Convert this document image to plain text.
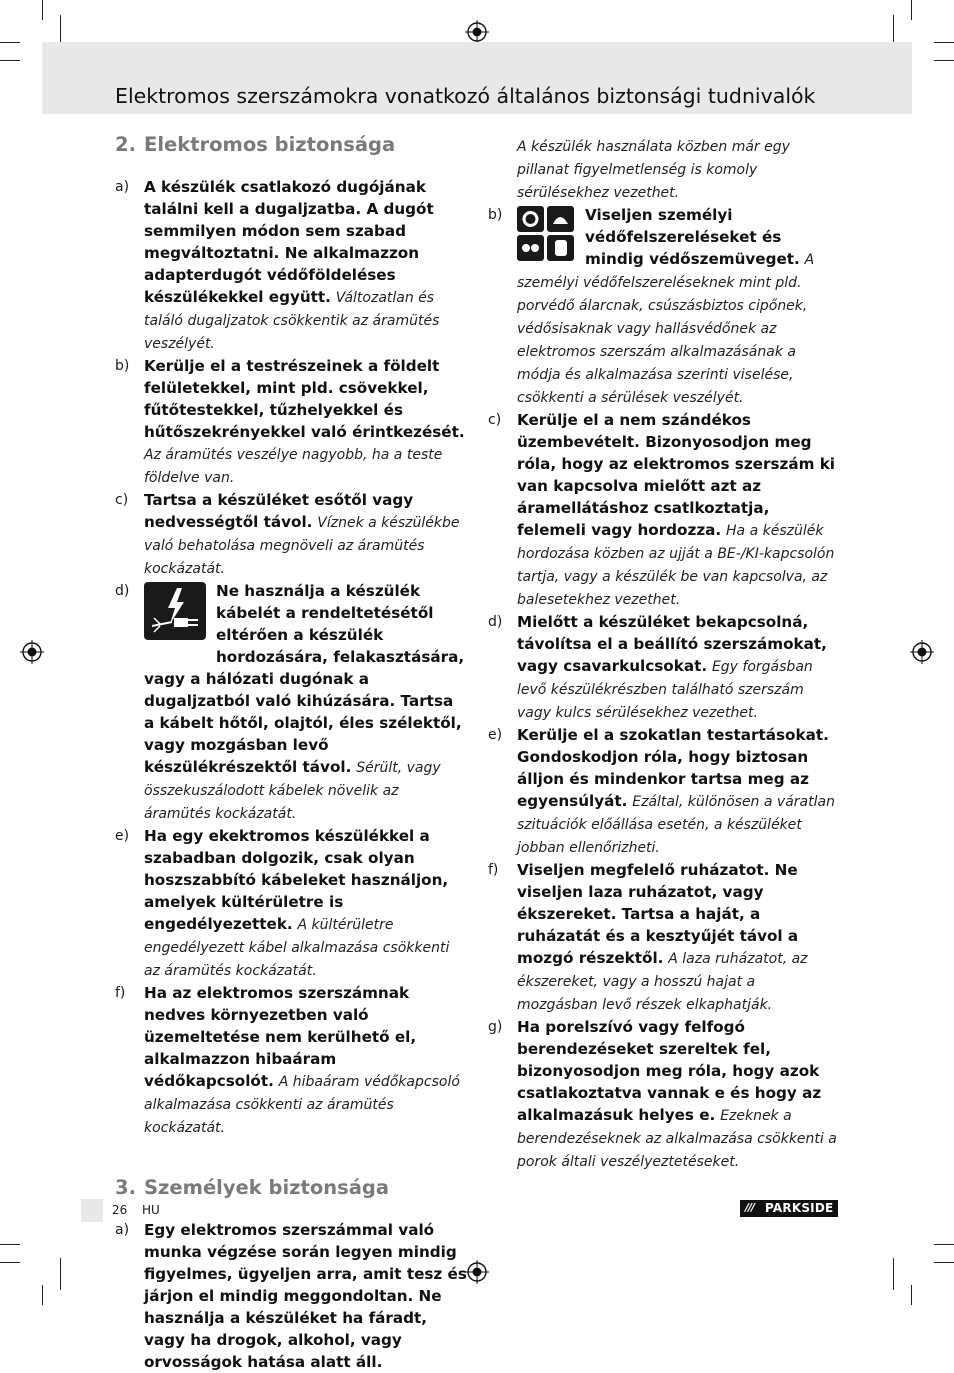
Elektromos szerszámokra vonatkozó általános biztonsági tudnivalók
2. Elektromos biztonsága
a) A készülék csatlakozó dugójának találni kell a dugaljzatba. A dugót semmilyen módon sem szabad megváltoztatni. Ne alkalmazzon adapterdugót védőföldeléses készülékekkel együtt. Változatlan és találó dugaljzatok csökkentik az áramütés veszélyét.
b) Kerülje el a testrészeinek a földelt felületekkel, mint pld. csövekkel, fűtőtestekkel, tűzhelyekkel és hűtőszekrényekkel való érintkezését. Az áramütés veszélye nagyobb, ha a teste földelve van.
c) Tartsa a készüléket esőtől vagy nedvességtől távol. Víznek a készülékbe való behatolása megnöveli az áramütés kockázatát.
d)	Ne használja a készülék kábelét a rendeltetésétől eltérően a készülék hordozására, felakasztására, vagy a hálózati dugónak a dugaljzatból való kihúzására. Tartsa a kábelt hőtől, olajtól, éles szélektől, vagy mozgásban levő készülékrészektől távol. Sérült, vagy összekuszálodott kábelek növelik az áramütés kockázatát.
e) Ha egy ekektromos készülékkel a szabadban dolgozik, csak olyan hoszszabbító kábeleket használjon, amelyek kültérületre is engedélyezettek. A kültérületre engedélyezett kábel alkalmazása csökkenti az áramütés kockázatát.
f) Ha az elektromos szerszámnak nedves környezetben való üzemeltetése nem kerülhető el, alkalmazzon hibaáram védőkapcsolót. A hibaáram védőkapcsoló alkalmazása csökkenti az áramütés kockázatát.
3. Személyek biztonsága
a) Egy elektromos szerszámmal való munka végzése során legyen mindig figyelmes, ügyeljen arra, amit tesz és járjon el mindig meggondoltan. Ne használja a készüléket ha fáradt, vagy ha drogok, alkohol, vagy orvosságok hatása alatt áll.
A készülék használata közben már egy pillanat figyelmetlenség is komoly sérülésekhez vezethet.
b)	Viseljen személyi védőfelszereléseket és mindig védőszemüveget. A személyi védőfelszereléseknek mint pld. porvédő álarcnak, csúszásbiztos cipőnek, védősisaknak vagy hallásvédőnek az elektromos szerszám alkalmazásának a módja és alkalmazása szerinti viselése, csökkenti a sérülések veszélyét.
c) Kerülje el a nem szándékos üzembevételt. Bizonyosodjon meg róla, hogy az elektromos szerszám ki van kapcsolva mielőtt azt az áramellátáshoz csatlkoztatja, felemeli vagy hordozza. Ha a készülék hordozása közben az ujját a BE-/KI-kapcsolón tartja, vagy a készülék be van kapcsolva, az balesetekhez vezethet.
d) Mielőtt a készüléket bekapcsolná, távolítsa el a beállító szerszámokat, vagy csavarkulcsokat. Egy forgásban levő készülékrészben található szerszám vagy kulcs sérülésekhez vezethet.
e) Kerülje el a szokatlan testartásokat. Gondoskodjon róla, hogy biztosan álljon és mindenkor tartsa meg az egyensúlyát. Ezáltal, különösen a váratlan szituációk előállása esetén, a készüléket jobban ellenőrizheti.
f) Viseljen megfelelő ruházatot. Ne viseljen laza ruházatot, vagy ékszereket. Tartsa a haját, a ruházatát és a kesztyűjét távol a mozgó részektől. A laza ruházatot, az ékszereket, vagy a hosszú hajat a mozgásban levő részek elkaphatják.
g) Ha porelszívó vagy felfogó berendezéseket szereltek fel, bizonyosodjon meg róla, hogy azok csatlakoztatva vannak e és hogy az alkalmazásuk helyes e. Ezeknek a berendezéseknek az alkalmazása csökkenti a porok általi veszélyeztetéseket.
26 HU	/// PARKSIDE
